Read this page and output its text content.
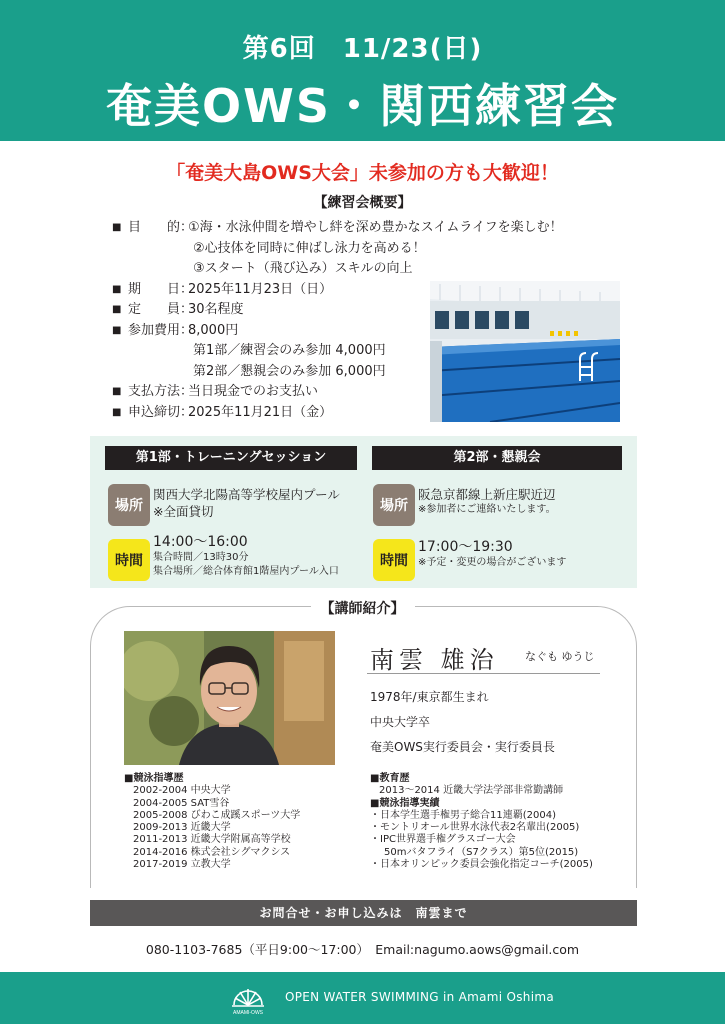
第6回　11/23(日)
奄美OWS・関西練習会
「奄美大島OWS大会」未参加の方も大歓迎！
【練習会概要】
■ 目　　的：
①海・水泳仲間を増やし絆を深め豊かなスイムライフを楽しむ！
②心技体を同時に伸ばし泳力を高める！
③スタート（飛び込み）スキルの向上
■ 期　　日：
2025年11月23日（日）
■ 定　　員：
30名程度
■ 参加費用：
8,000円
第1部／練習会のみ参加 4,000円
第2部／懇親会のみ参加 6,000円
■ 支払方法：
当日現金でのお支払い
■ 申込締切：
2025年11月21日（金）
第1部・トレーニングセッション	第2部・懇親会
場所
関西大学北陽高等学校屋内プール
※全面貸切
時間
14:00〜16:00
集合時間／13時30分
集合場所／総合体育館1階屋内プール入口
場所
阪急京都線上新庄駅近辺
※参加者にご連絡いたします。
時間
17:00〜19:30
※予定・変更の場合がございます
【講師紹介】
南雲 雄治 なぐも ゆうじ
1978年/東京都生まれ
中央大学卒
奄美OWS実行委員会・実行委員長
■競泳指導歴
2002-2004 中央大学
2004-2005 SAT雪谷
2005-2008 びわこ成蹊スポーツ大学
2009-2013 近畿大学
2011-2013 近畿大学附属高等学校
2014-2016 株式会社シグマクシス
2017-2019 立教大学
■教育歴
2013〜2014 近畿大学法学部非常勤講師
■競泳指導実績
・日本学生選手権男子総合11連覇(2004)
・モントリオール世界水泳代表2名輩出(2005)
・IPC世界選手権グラスゴー大会
50mバタフライ（S7クラス）第5位(2015)
・日本オリンピック委員会強化指定コーチ(2005)
お問合せ・お申し込みは　南雲まで
080-1103-7685（平日9:00〜17:00）　Email:nagumo.aows@gmail.com
AMAMI-OWS
OPEN WATER SWIMMING in Amami Oshima
